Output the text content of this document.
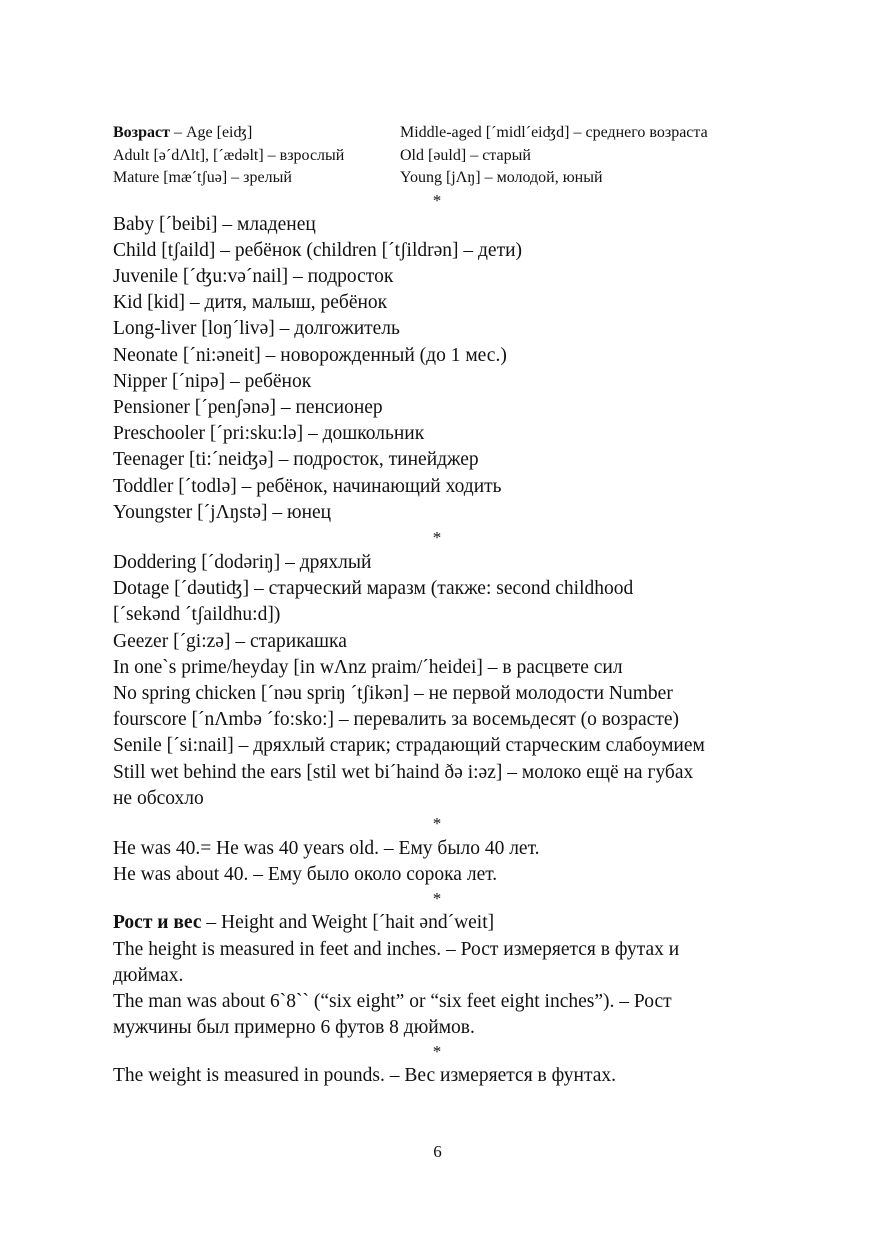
Возраст – Age [eiʤ]
Adult [əˊdΛlt], [ˊædəlt] – взрослый
Mature [mæˊtʃuə] – зрелый
Middle-aged [ˊmidlˊeiʤd] – среднего возраста
Old [əuld] – старый
Young [jΛŋ] – молодой, юный
*
Baby [ˊbeibi] – младенец
Child [tʃaild] – ребёнок (children [ˊtʃildrən] – дети)
Juvenile [ˊʤu:vəˊnail] – подросток
Kid [kid] – дитя, малыш, ребёнок
Long-liver [loŋˊlivə] – долгожитель
Neonate [ˊni:əneit] – новорожденный (до 1 мес.)
Nipper [ˊnipə] – ребёнок
Pensioner [ˊpenʃənə] – пенсионер
Preschooler [ˊpri:sku:lə] – дошкольник
Teenager [ti:ˊneiʤə] – подросток, тинейджер
Toddler [ˊtodlə] – ребёнок, начинающий ходить
Youngster [ˊjΛŋstə] – юнец
*
Doddering [ˊdodəriŋ] – дряхлый
Dotage [ˊdəutiʤ] – старческий маразм (также: second childhood
[ˊsekənd ˊtʃaildhu:d])
Geezer [ˊgi:zə] – старикашка
In one`s prime/heyday [in wΛnz praim/ˊheidei] – в расцвете сил
No spring chicken [ˊnəu spriŋ ˊtʃikən] – не первой молодости Number
fourscore [ˊnΛmbə ˊfo:sko:] – перевалить за восемьдесят (о возрасте)
Senile [ˊsi:nail] – дряхлый старик; страдающий старческим слабоумием
Still wet behind the ears [stil wet biˊhaind ðə i:əz] – молоко ещё на губах
не обсохло
*
He was 40.= He was 40 years old. – Ему было 40 лет.
He was about 40. – Ему было около сорока лет.
*
Рост и вес – Height and Weight [ˊhait əndˊweit]
The height is measured in feet and inches. – Рост измеряется в футах и
дюймах.
The man was about 6`8`` (“six eight” or “six feet eight inches”). – Рост
мужчины был примерно 6 футов 8 дюймов.
*
The weight is measured in pounds. – Вес измеряется в фунтах.
6
